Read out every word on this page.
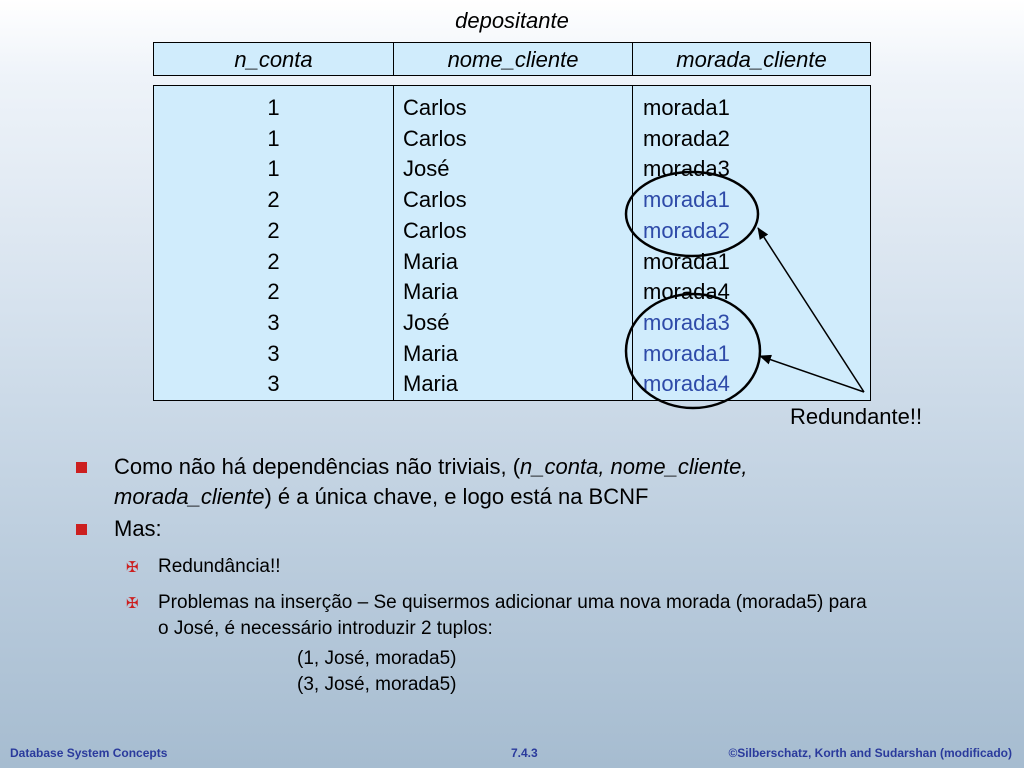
depositante
n_conta	nome_cliente	morada_cliente
1	Carlos	morada1
1	Carlos	morada2
1	José	morada3
2	Carlos	morada1
2	Carlos	morada2
2	Maria	morada1
2	Maria	morada4
3	José	morada3
3	Maria	morada1
3	Maria	morada4
Redundante!!
Como não há dependências não triviais, (n_conta, nome_cliente, morada_cliente) é a única chave, e logo está na BCNF
Mas:
✠ Redundância!!
✠ Problemas na inserção – Se quisermos adicionar uma nova morada (morada5) para o José, é necessário introduzir 2 tuplos:
(1, José, morada5)
(3, José, morada5)
Database System Concepts	7.4.3	©Silberschatz, Korth and Sudarshan (modificado)
